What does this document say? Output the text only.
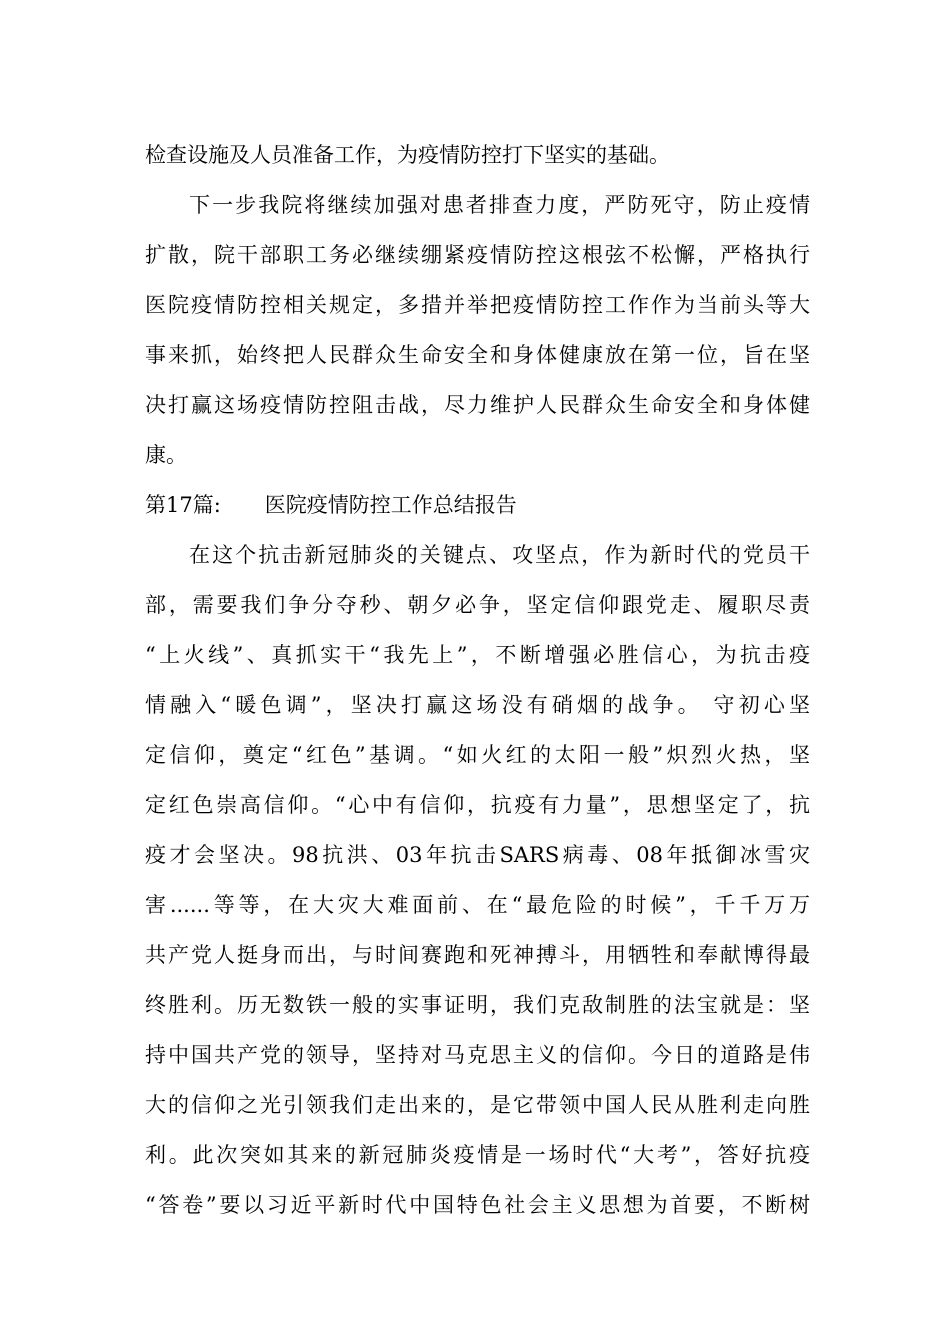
检查设施及人员准备工作，为疫情防控打下坚实的基础。
下一步我院将继续加强对患者排查力度，严防死守，防止疫情
扩散，院干部职工务必继续绷紧疫情防控这根弦不松懈，严格执行
医院疫情防控相关规定，多措并举把疫情防控工作作为当前头等大
事来抓，始终把人民群众生命安全和身体健康放在第一位，旨在坚
决打赢这场疫情防控阻击战，尽力维护人民群众生命安全和身体健
康。
第17篇: 医院疫情防控工作总结报告
在这个抗击新冠肺炎的关键点、攻坚点，作为新时代的党员干
部，需要我们争分夺秒、朝夕必争，坚定信仰跟党走、履职尽责
“上火线”、真抓实干“我先上”，不断增强必胜信心，为抗击疫
情融入“暖色调”，坚决打赢这场没有硝烟的战争。 守初心坚
定信仰，奠定“红色”基调。“如火红的太阳一般”炽烈火热，坚
定红色崇高信仰。“心中有信仰，抗疫有力量”，思想坚定了，抗
疫才会坚决。98抗洪、03年抗击SARS病毒、08年抵御冰雪灾
害......等等，在大灾大难面前、在“最危险的时候”，千千万万
共产党人挺身而出，与时间赛跑和死神搏斗，用牺牲和奉献博得最
终胜利。历无数铁一般的实事证明，我们克敌制胜的法宝就是：坚
持中国共产党的领导，坚持对马克思主义的信仰。今日的道路是伟
大的信仰之光引领我们走出来的，是它带领中国人民从胜利走向胜
利。此次突如其来的新冠肺炎疫情是一场时代“大考”，答好抗疫
“答卷”要以习近平新时代中国特色社会主义思想为首要，不断树
